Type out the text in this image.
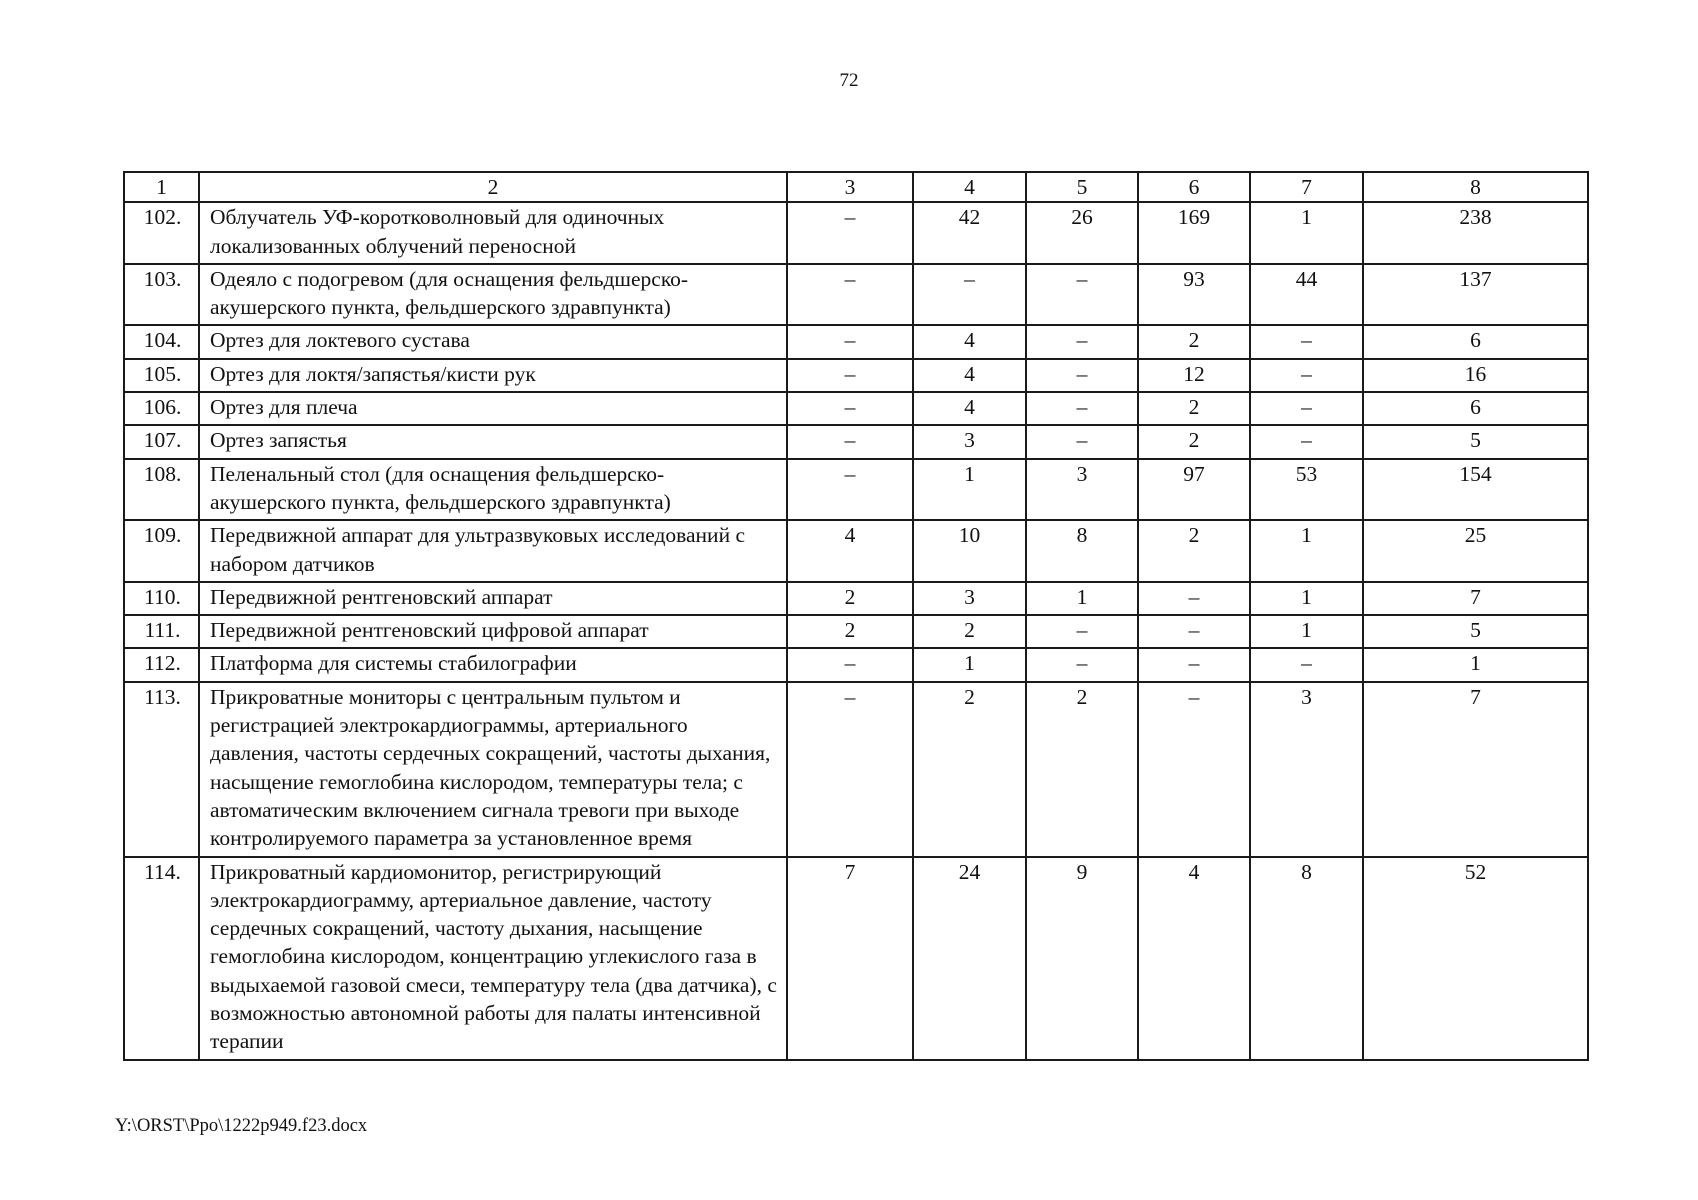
72
1	2	3	4	5	6	7	8
102.	Облучатель УФ-коротковолновый для одиночных локализованных облучений переносной	–	42	26	169	1	238
103.	Одеяло с подогревом (для оснащения фельдшерско-акушерского пункта, фельдшерского здравпункта)	–	–	–	93	44	137
104.	Ортез для локтевого сустава	–	4	–	2	–	6
105.	Ортез для локтя/запястья/кисти рук	–	4	–	12	–	16
106.	Ортез для плеча	–	4	–	2	–	6
107.	Ортез запястья	–	3	–	2	–	5
108.	Пеленальный стол (для оснащения фельдшерско-акушерского пункта, фельдшерского здравпункта)	–	1	3	97	53	154
109.	Передвижной аппарат для ультразвуковых исследований с набором датчиков	4	10	8	2	1	25
110.	Передвижной рентгеновский аппарат	2	3	1	–	1	7
111.	Передвижной рентгеновский цифровой аппарат	2	2	–	–	1	5
112.	Платформа для системы стабилографии	–	1	–	–	–	1
113.	Прикроватные мониторы с центральным пультом и регистрацией электрокардиограммы, артериального давления, частоты сердечных сокращений, частоты дыхания, насыщение гемоглобина кислородом, температуры тела; с автоматическим включением сигнала тревоги при выходе контролируемого параметра за установленное время	–	2	2	–	3	7
114.	Прикроватный кардиомонитор, регистрирующий электрокардиограмму, артериальное давление, частоту сердечных сокращений, частоту дыхания, насыщение гемоглобина кислородом, концентрацию углекислого газа в выдыхаемой газовой смеси, температуру тела (два датчика), с возможностью автономной работы для палаты интенсивной терапии	7	24	9	4	8	52
Y:\ORST\Ppo\1222p949.f23.docx
